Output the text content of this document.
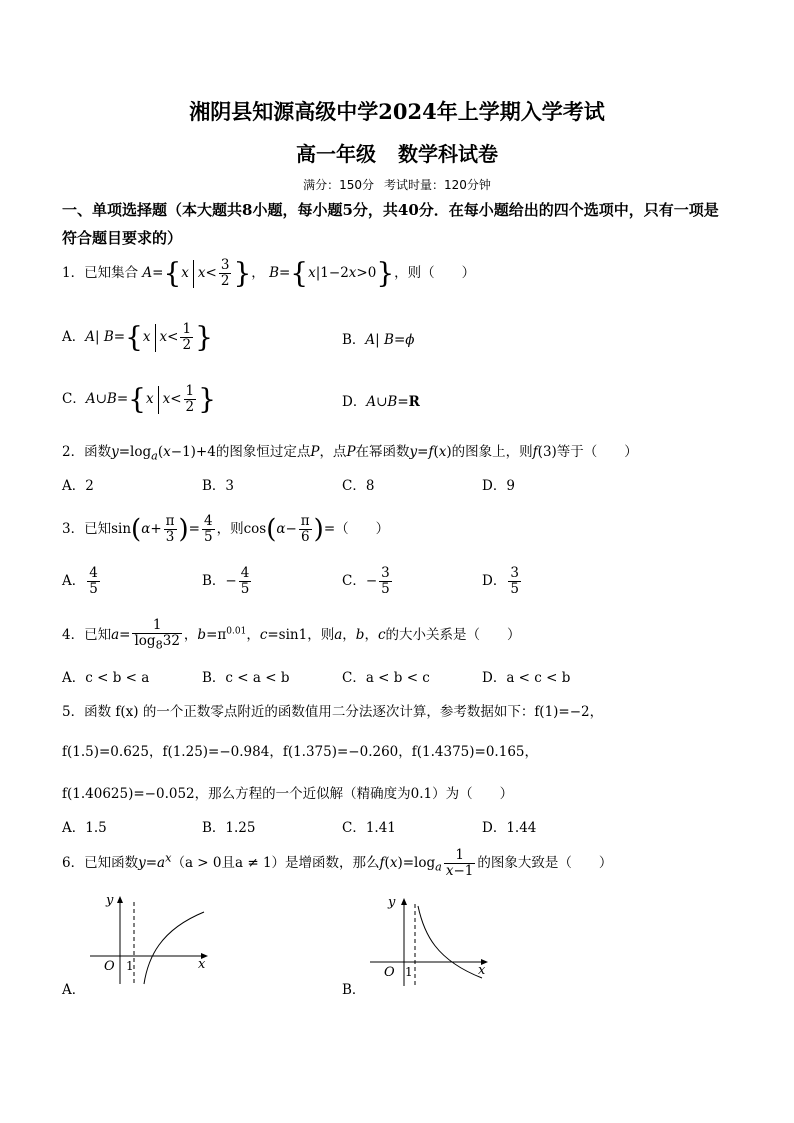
湘阴县知源高级中学2024年上学期入学考试
高一年级 数学科试卷
满分：150分 考试时量：120分钟
一、单项选择题（本大题共8小题，每小题5分，共40分．在每小题给出的四个选项中，只有一项是符合题目要求的）
1．已知集合 A={x $x< \frac{3}{2}$ }， B={x|1−2x>0}，则（　　）
A．A| B={x $x< \frac{1}{2}$ }	B．A| B=ϕ
C．A∪B={x $x< \frac{1}{2}$ }	D．A∪B=R
2．函数$y=\log_a(x-1)+4$的图象恒过定点P，点P在幂函数y=f(x)的图象上，则f(3)等于（　　）
A．2	B．3	C．8	D．9
3．已知$\sin(\alpha+ \frac{\pi}{3}$ )= $\frac{4}{5}$ ，则$\cos(\alpha- \frac{\pi}{6}$ )=（　　）
A． $\frac{4}{5}$	B．− $\frac{4}{5}$	C．− $\frac{3}{5}$	D． $\frac{3}{5}$
4．已知$a= \frac{1}{\log_832}$ ，$b=\pi^{0.01}$，c=sin1，则a，b，c的大小关系是（　　）
A．c < b < a	B．c < a < b	C．a < b < c	D．a < c < b
5．函数 f(x) 的一个正数零点附近的函数值用二分法逐次计算，参考数据如下：f(1)=−2，
f(1.5)=0.625，f(1.25)=−0.984，f(1.375)=−0.260，f(1.4375)=0.165，
f(1.40625)=−0.052，那么方程的一个近似解（精确度为0.1）为（　　）
A．1.5	B．1.25	C．1.41	D．1.44
6．已知函数$y=a^x(a > 0$且a ≠ 1）是增函数，那么$f(x)=\log_a \frac{1}{x-1}$ 的图象大致是（　　）
y
O 1	x
A．
y
O 1	x
B．
